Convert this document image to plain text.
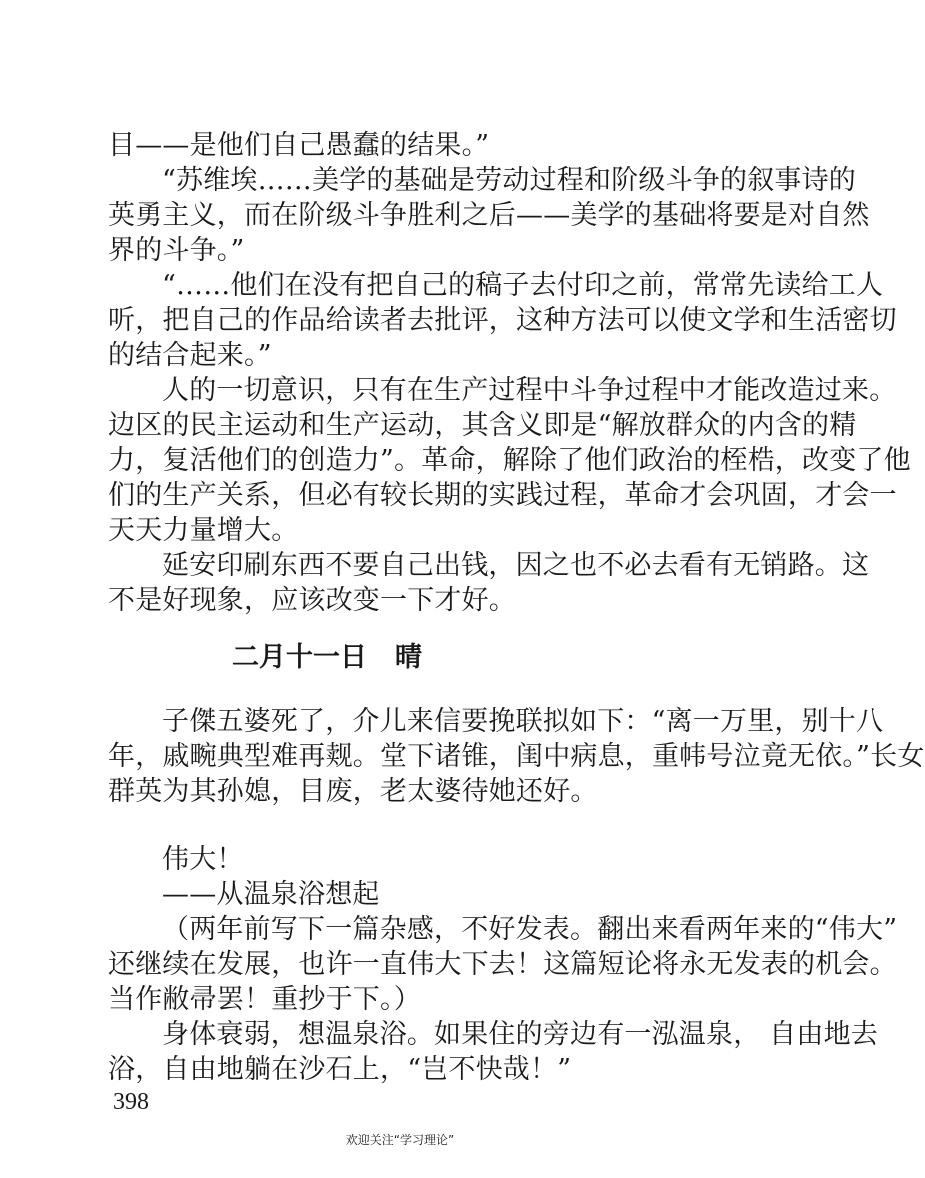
目——是他们自己愚蠢的结果。”
“苏维埃……美学的基础是劳动过程和阶级斗争的叙事诗的
英勇主义，而在阶级斗争胜利之后——美学的基础将要是对自然
界的斗争。”
“……他们在没有把自己的稿子去付印之前，常常先读给工人
听，把自己的作品给读者去批评，这种方法可以使文学和生活密切
的结合起来。”
人的一切意识，只有在生产过程中斗争过程中才能改造过来。
边区的民主运动和生产运动，其含义即是“解放群众的内含的精
力，复活他们的创造力”。革命，解除了他们政治的桎梏，改变了他
们的生产关系，但必有较长期的实践过程，革命才会巩固，才会一
天天力量增大。
延安印刷东西不要自己出钱，因之也不必去看有无销路。这
不是好现象，应该改变一下才好。
二月十一日 晴
子傑五婆死了，介儿来信要挽联拟如下：“离一万里，别十八
年，戚畹典型难再觌。堂下诸锥，闺中病息，重帏号泣竟无依。”长女
群英为其孙媳，目废，老太婆待她还好。
伟大！
——从温泉浴想起
（两年前写下一篇杂感，不好发表。翻出来看两年来的“伟大”
还继续在发展，也许一直伟大下去！这篇短论将永无发表的机会。
当作敝帚罢！重抄于下。）
身体衰弱，想温泉浴。如果住的旁边有一泓温泉， 自由地去
浴，自由地躺在沙石上，“岂不快哉！”
398
欢迎关注“学习理论”
